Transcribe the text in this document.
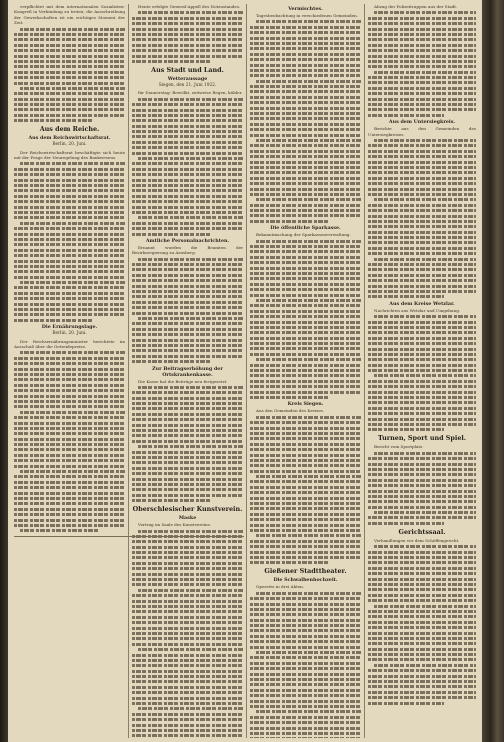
verpflichtet mit dem internationalen Sozialisten-Kongreß in Verbindung zu treten; die Ausschreibung der Gewerkschaften ist ein wichtiges Moment der Zeit.

Aus dem Reiche.
Aus dem Reichswirtschaftsrat.
Berlin, 20. Juni.

Der Reichswirtschaftsrat beschäftigte sich heute mit der Frage der Neuregelung des Bankwesens.

Die Ernährungslage.
Berlin, 20. Juni.

Der Reichsernährungsminister berichtete im Ausschuß über die Getreidepreise.

Hente erfolgte General-Appell des Notzustandes.

Aus Stadt und Land.
Wetteraussage
Siegen, den 21. Juni 1922.

für Donnerstag: Bewölkt, zeitweise Regen, kühler.

Amtliche Personalnachrichten.

Ernannt wurden die Beamten der Bezirksregierung zu Arnsberg.

Zur Beitragserhöhung der Ortskrankenkasse.

Die Kasse hat die Beiträge neu festgesetzt.

Oberschlesischer Kunstverein.
Maske

Vortrag im Saale des Kunstvereins.

Vermischtes.

Tagesbeobachtung in verschiedenen Gemeinden.

Die öffentliche Sparkasse.

Bekanntmachung der Sparkassenverwaltung.

Kreis Siegen.

Aus den Gemeinden des Kreises.

Gießener Stadttheater.
Die Schwalbenhochzeit.

Operette in drei Akten.

Abzug der Polizeitruppen aus der Stadt.

Aus dem Untersiegkreis.

Berichte aus den Gemeinden des Untersiegkreises.

Aus dem Kreise Wetzlar.

Nachrichten aus Wetzlar und Umgebung.

Turnen, Sport und Spiel.

Bericht vom Sportplatz.

Gerichtssaal.

Verhandlungen vor dem Schöffengericht.
